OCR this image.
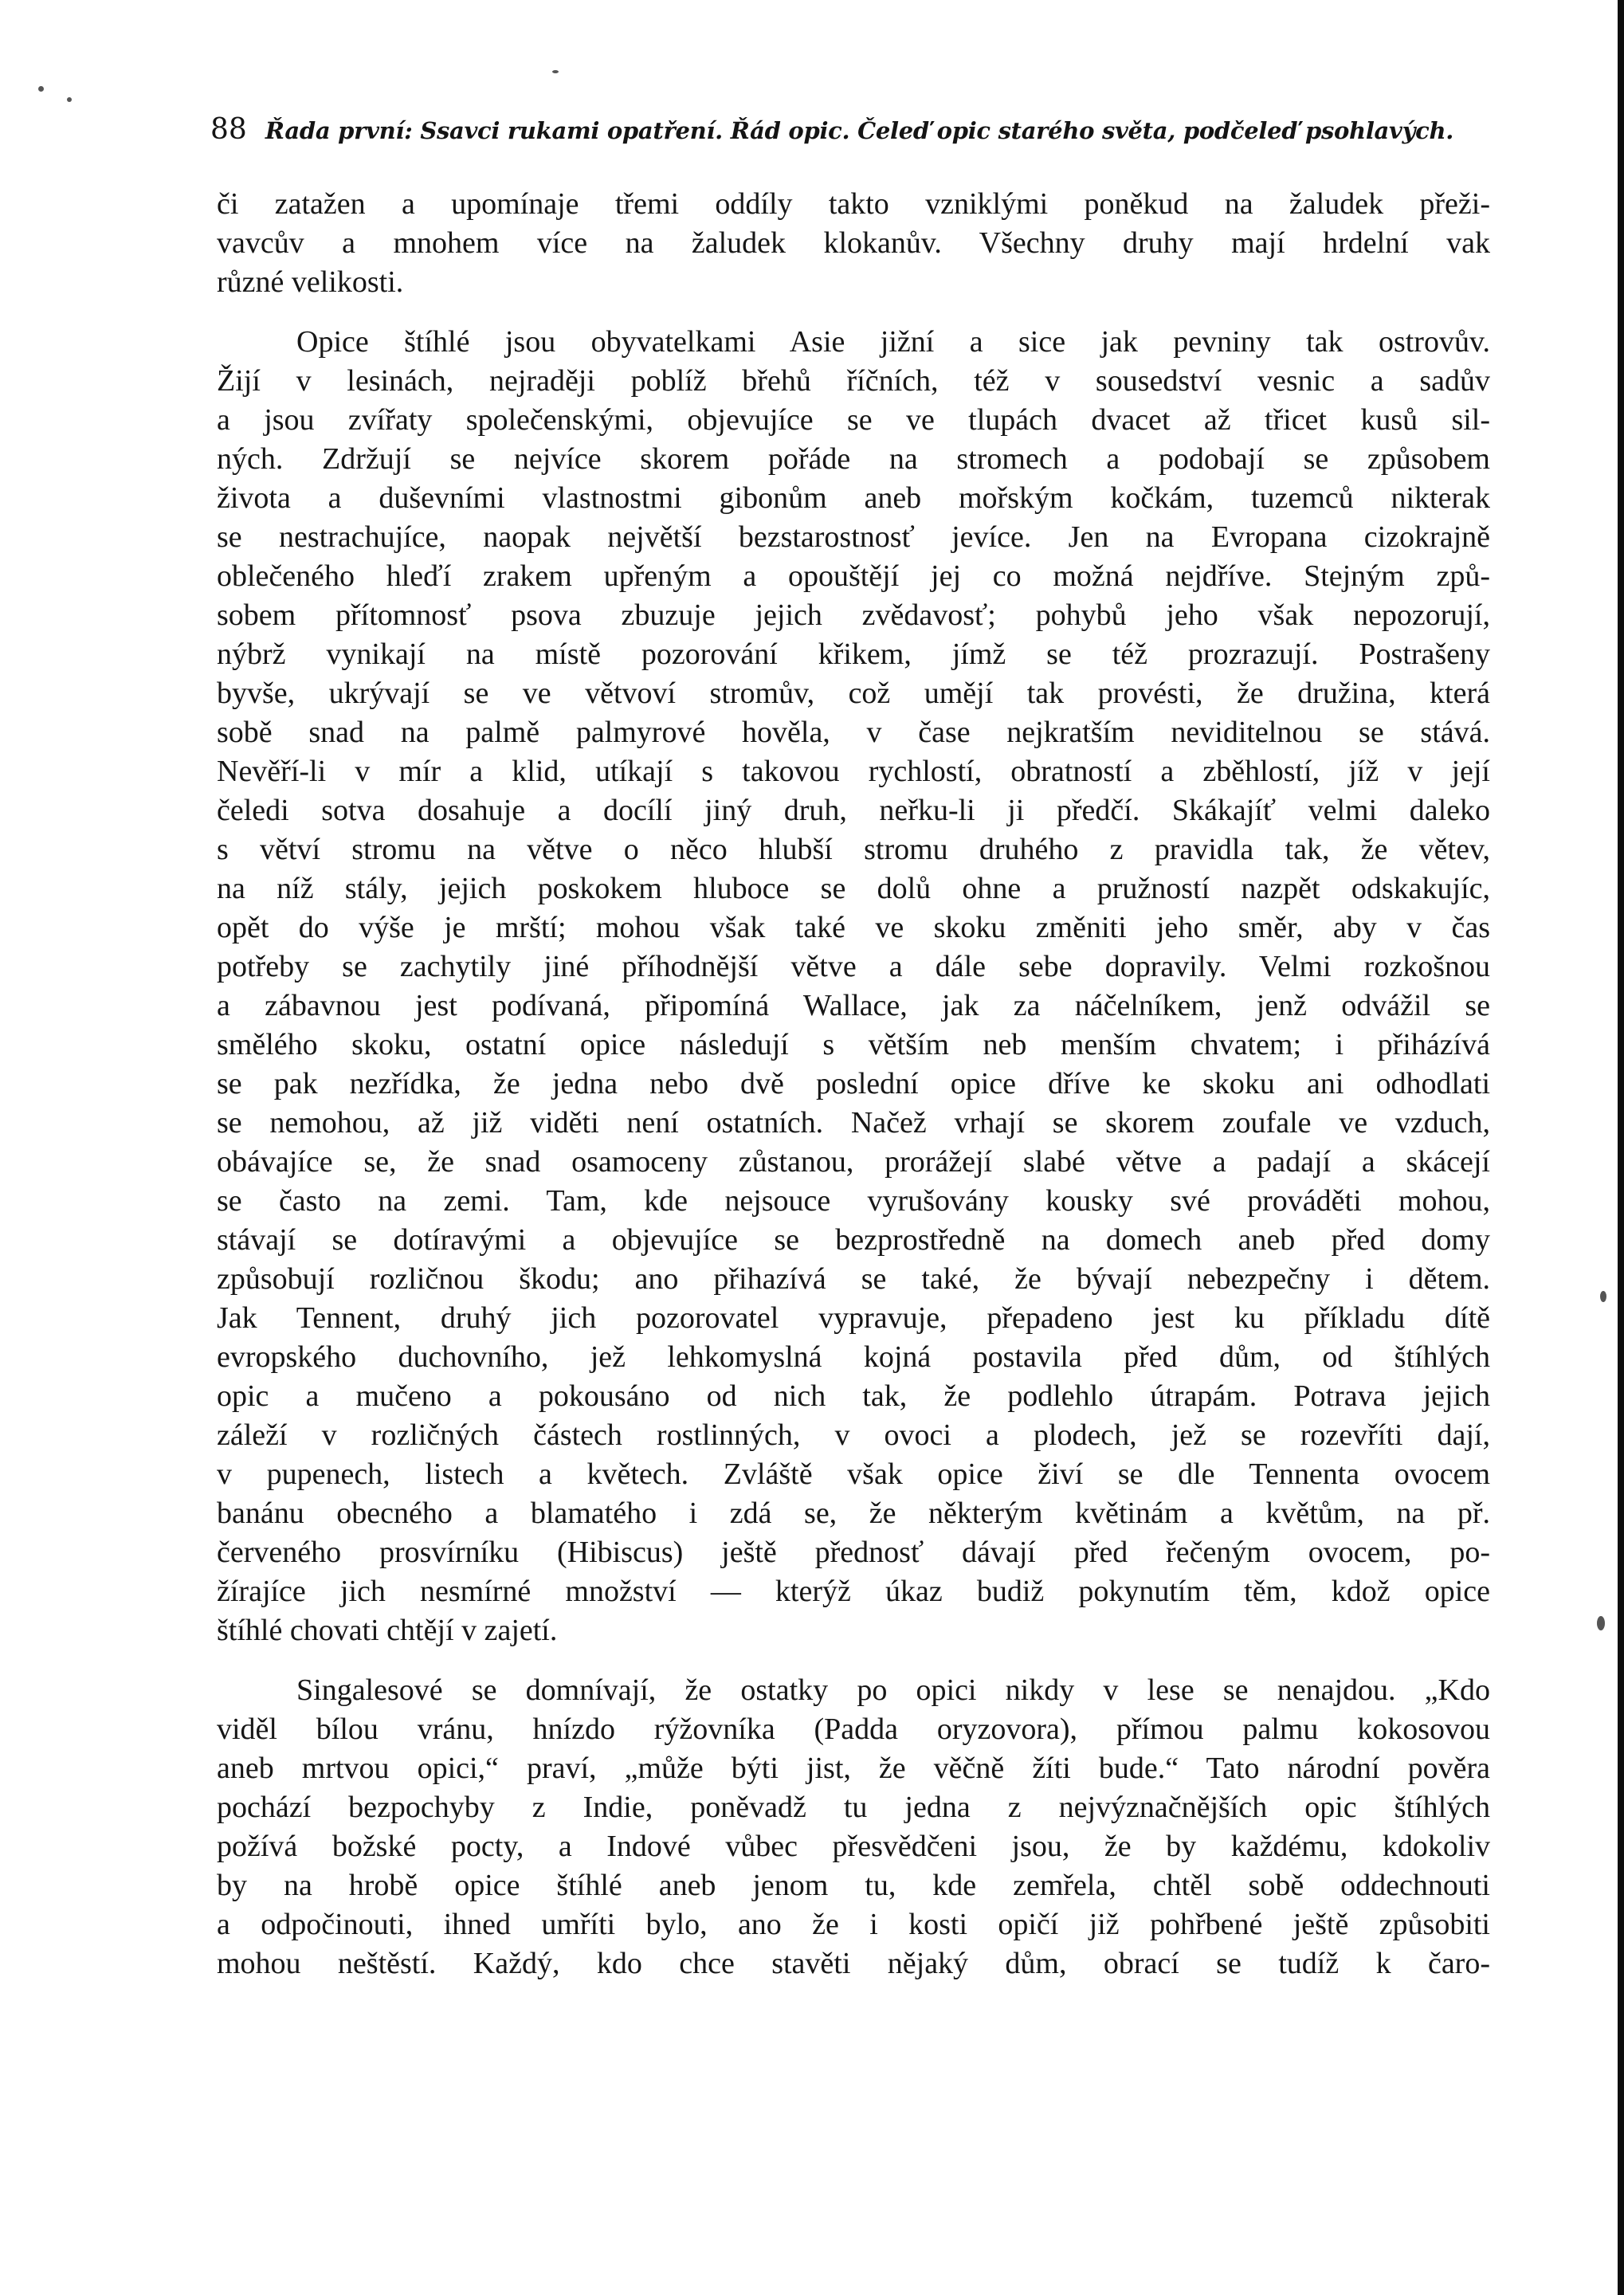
88 Řada první: Ssavci rukami opatření. Řád opic. Čeleď opic starého světa, podčeleď psohlavých.
či zatažen a upomínaje třemi oddíly takto vzniklými poněkud na žaludek přeži-
vavcův a mnohem více na žaludek klokanův. Všechny druhy mají hrdelní vak
různé velikosti.
Opice štíhlé jsou obyvatelkami Asie jižní a sice jak pevniny tak ostrovův.
Žijí v lesinách, nejraději poblíž břehů říčních, též v sousedství vesnic a sadův
a jsou zvířaty společenskými, objevujíce se ve tlupách dvacet až třicet kusů sil-
ných. Zdržují se nejvíce skorem pořáde na stromech a podobají se způsobem
života a duševními vlastnostmi gibonům aneb mořským kočkám, tuzemců nikterak
se nestrachujíce, naopak největší bezstarostnosť jevíce. Jen na Evropana cizokrajně
oblečeného hleďí zrakem upřeným a opouštějí jej co možná nejdříve. Stejným způ-
sobem přítomnosť psova zbuzuje jejich zvědavosť; pohybů jeho však nepozorují,
nýbrž vynikají na místě pozorování křikem, jímž se též prozrazují. Postrašeny
byvše, ukrývají se ve větvoví stromův, což umějí tak provésti, že družina, která
sobě snad na palmě palmyrové hověla, v čase nejkratším neviditelnou se stává.
Nevěří-li v mír a klid, utíkají s takovou rychlostí, obratností a zběhlostí, jíž v její
čeledi sotva dosahuje a docílí jiný druh, neřku-li ji předčí. Skákajíť velmi daleko
s větví stromu na větve o něco hlubší stromu druhého z pravidla tak, že větev,
na níž stály, jejich poskokem hluboce se dolů ohne a pružností nazpět odskakujíc,
opět do výše je mrští; mohou však také ve skoku změniti jeho směr, aby v čas
potřeby se zachytily jiné příhodnější větve a dále sebe dopravily. Velmi rozkošnou
a zábavnou jest podívaná, připomíná Wallace, jak za náčelníkem, jenž odvážil se
smělého skoku, ostatní opice následují s větším neb menším chvatem; i přiházívá
se pak nezřídka, že jedna nebo dvě poslední opice dříve ke skoku ani odhodlati
se nemohou, až již viděti není ostatních. Načež vrhají se skorem zoufale ve vzduch,
obávajíce se, že snad osamoceny zůstanou, prorážejí slabé větve a padají a skácejí
se často na zemi. Tam, kde nejsouce vyrušovány kousky své prováděti mohou,
stávají se dotíravými a objevujíce se bezprostředně na domech aneb před domy
způsobují rozličnou škodu; ano přihazívá se také, že bývají nebezpečny i dětem.
Jak Tennent, druhý jich pozorovatel vypravuje, přepadeno jest ku příkladu dítě
evropského duchovního, jež lehkomyslná kojná postavila před dům, od štíhlých
opic a mučeno a pokousáno od nich tak, že podlehlo útrapám. Potrava jejich
záleží v rozličných částech rostlinných, v ovoci a plodech, jež se rozevříti dají,
v pupenech, listech a květech. Zvláště však opice živí se dle Tennenta ovocem
banánu obecného a blamatého i zdá se, že některým květinám a květům, na př.
červeného prosvírníku (Hibiscus) ještě přednosť dávají před řečeným ovocem, po-
žírajíce jich nesmírné množství — kterýž úkaz budiž pokynutím těm, kdož opice
štíhlé chovati chtějí v zajetí.
Singalesové se domnívají, že ostatky po opici nikdy v lese se nenajdou. „Kdo
viděl bílou vránu, hnízdo rýžovníka (Padda oryzovora), přímou palmu kokosovou
aneb mrtvou opici,“ praví, „může býti jist, že věčně žíti bude.“ Tato národní pověra
pochází bezpochyby z Indie, poněvadž tu jedna z nejvýznačnějších opic štíhlých
požívá božské pocty, a Indové vůbec přesvědčeni jsou, že by každému, kdokoliv
by na hrobě opice štíhlé aneb jenom tu, kde zemřela, chtěl sobě oddechnouti
a odpočinouti, ihned umříti bylo, ano že i kosti opičí již pohřbené ještě způsobiti
mohou neštěstí. Každý, kdo chce stavěti nějaký dům, obrací se tudíž k čaro-
